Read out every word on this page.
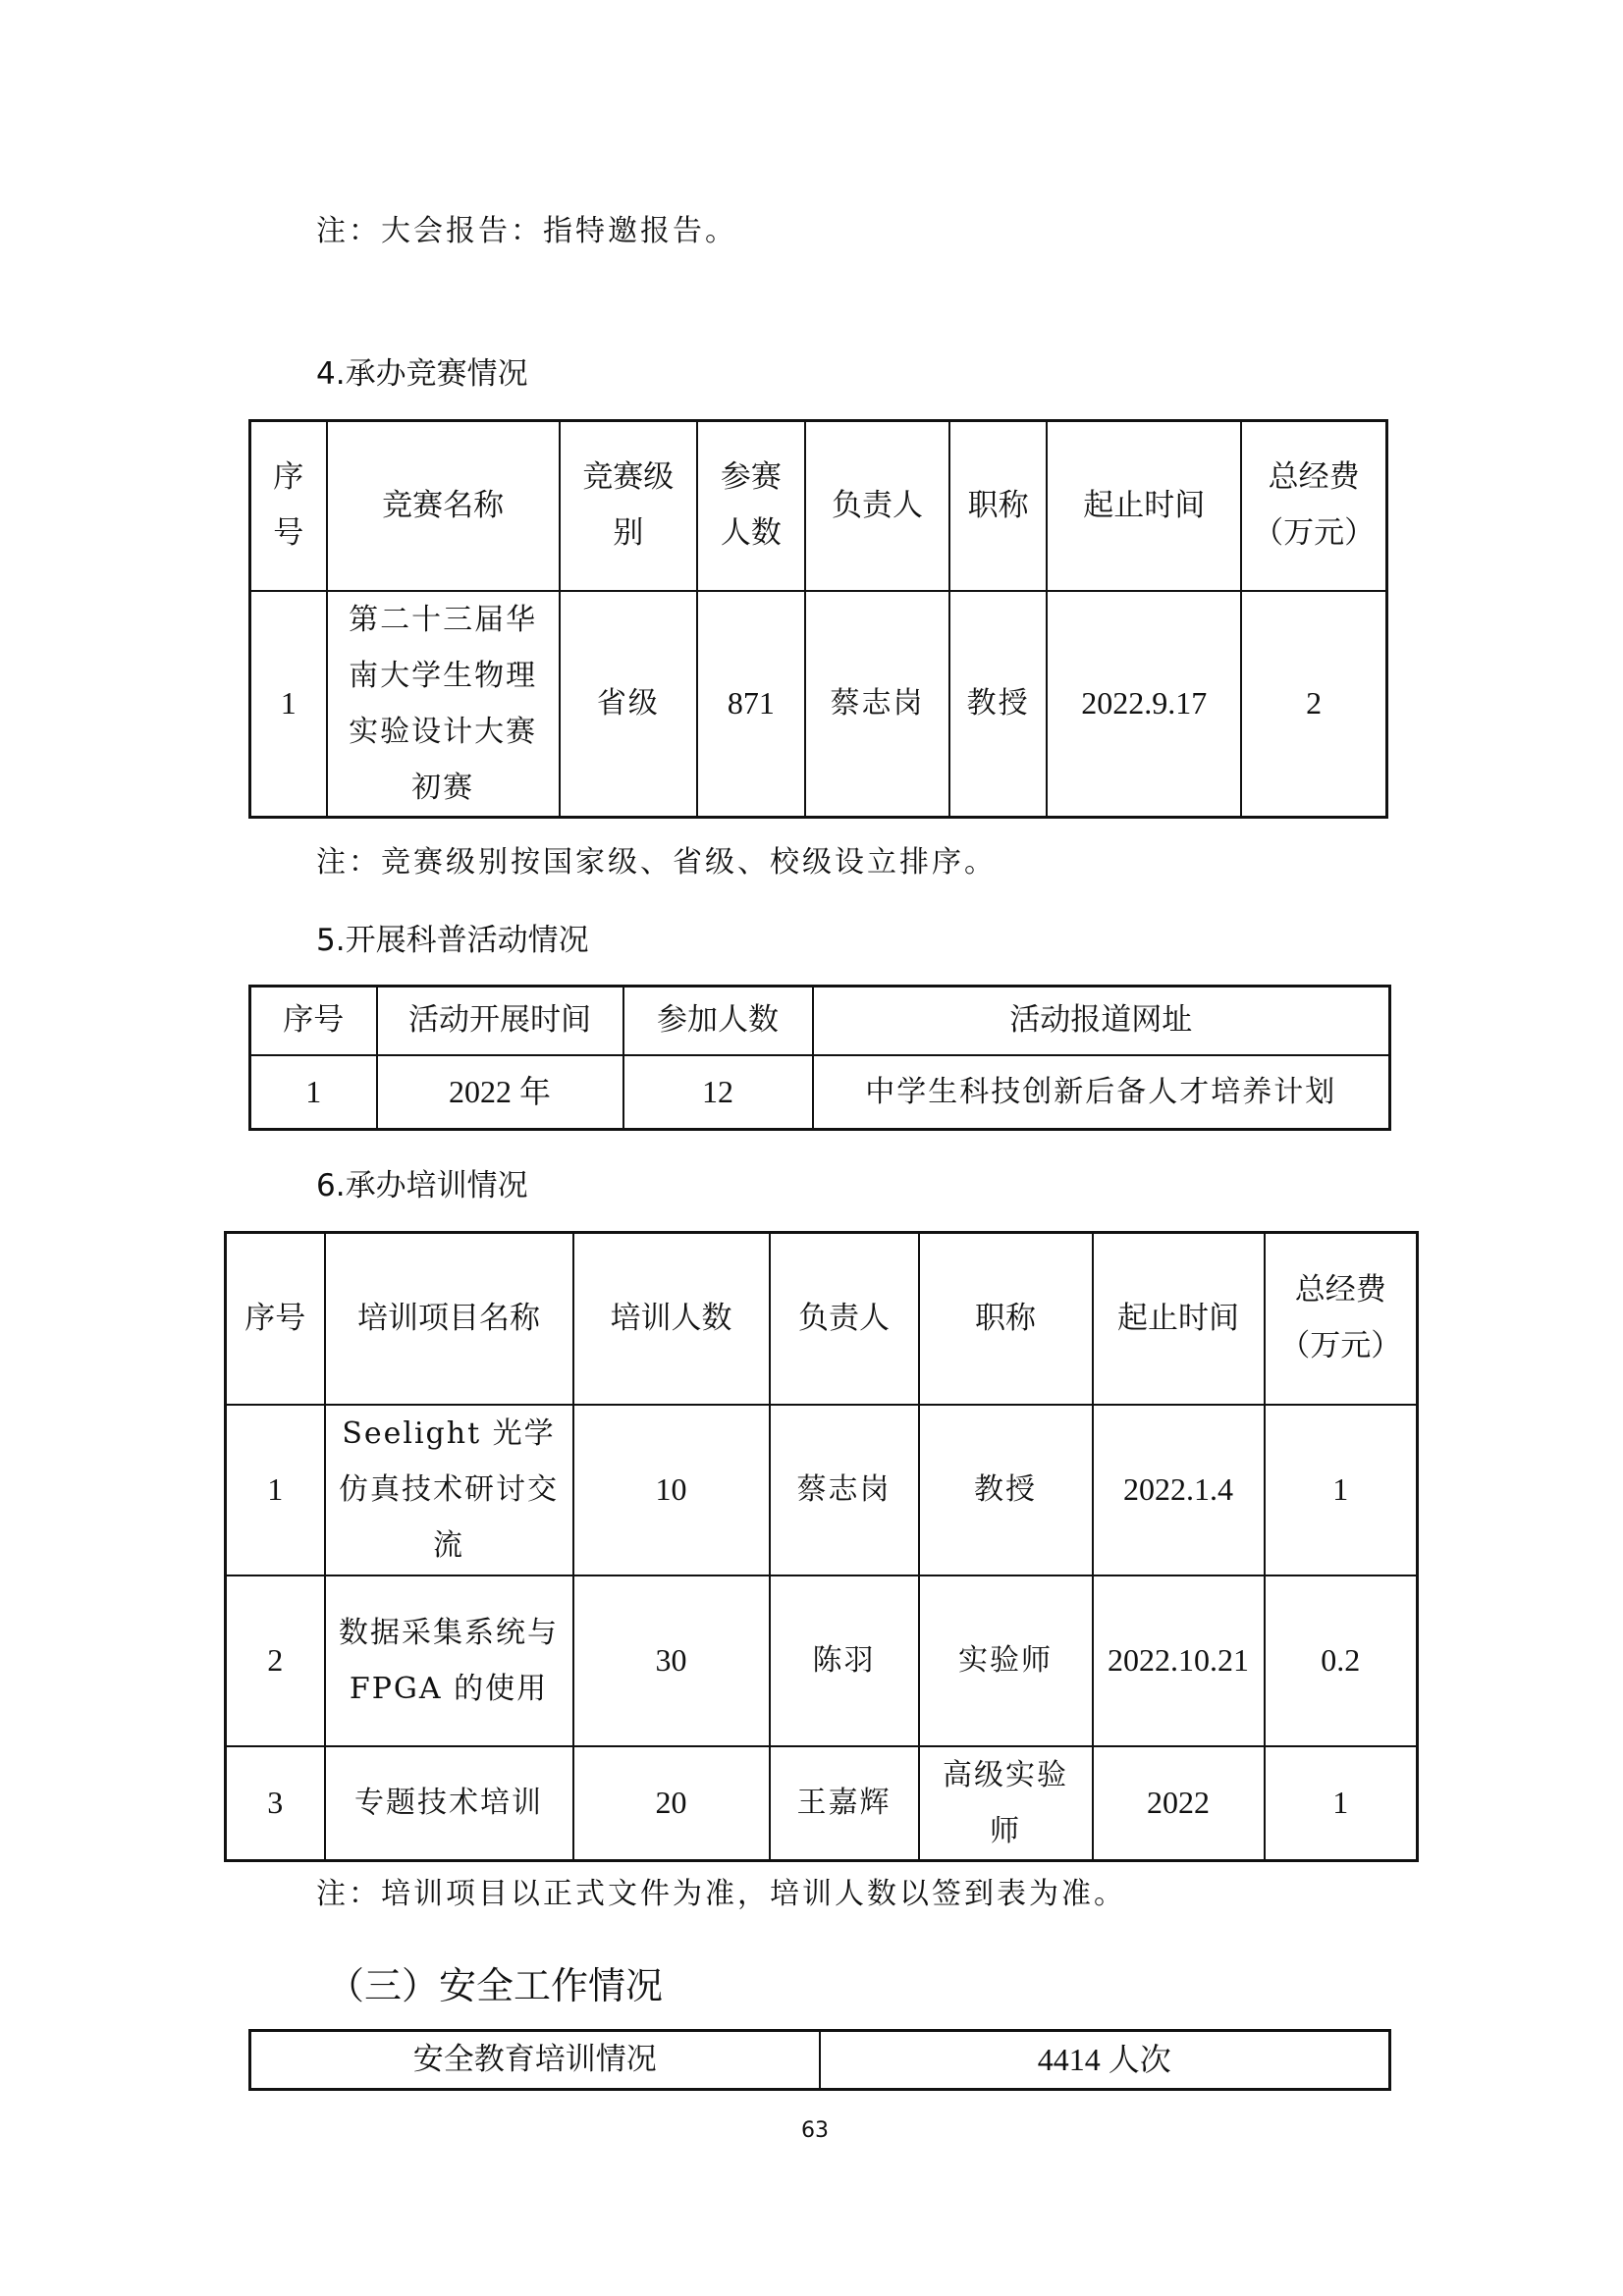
注：大会报告：指特邀报告。
4.承办竞赛情况
序号	竞赛名称	竞赛级别	参赛人数	负责人	职称	起止时间	总经费（万元）
1	第二十三届华南大学生物理实验设计大赛初赛	省级	871	蔡志岗	教授	2022.9.17	2
注：竞赛级别按国家级、省级、校级设立排序。
5.开展科普活动情况
序号	活动开展时间	参加人数	活动报道网址
1	2022 年	12	中学生科技创新后备人才培养计划
6.承办培训情况
序号	培训项目名称	培训人数	负责人	职称	起止时间	总经费（万元）
1	Seelight 光学仿真技术研讨交流	10	蔡志岗	教授	2022.1.4	1
2	数据采集系统与 FPGA 的使用	30	陈羽	实验师	2022.10.21	0.2
3	专题技术培训	20	王嘉辉	高级实验师	2022	1
注：培训项目以正式文件为准，培训人数以签到表为准。
（三）安全工作情况
安全教育培训情况	4414 人次
63
